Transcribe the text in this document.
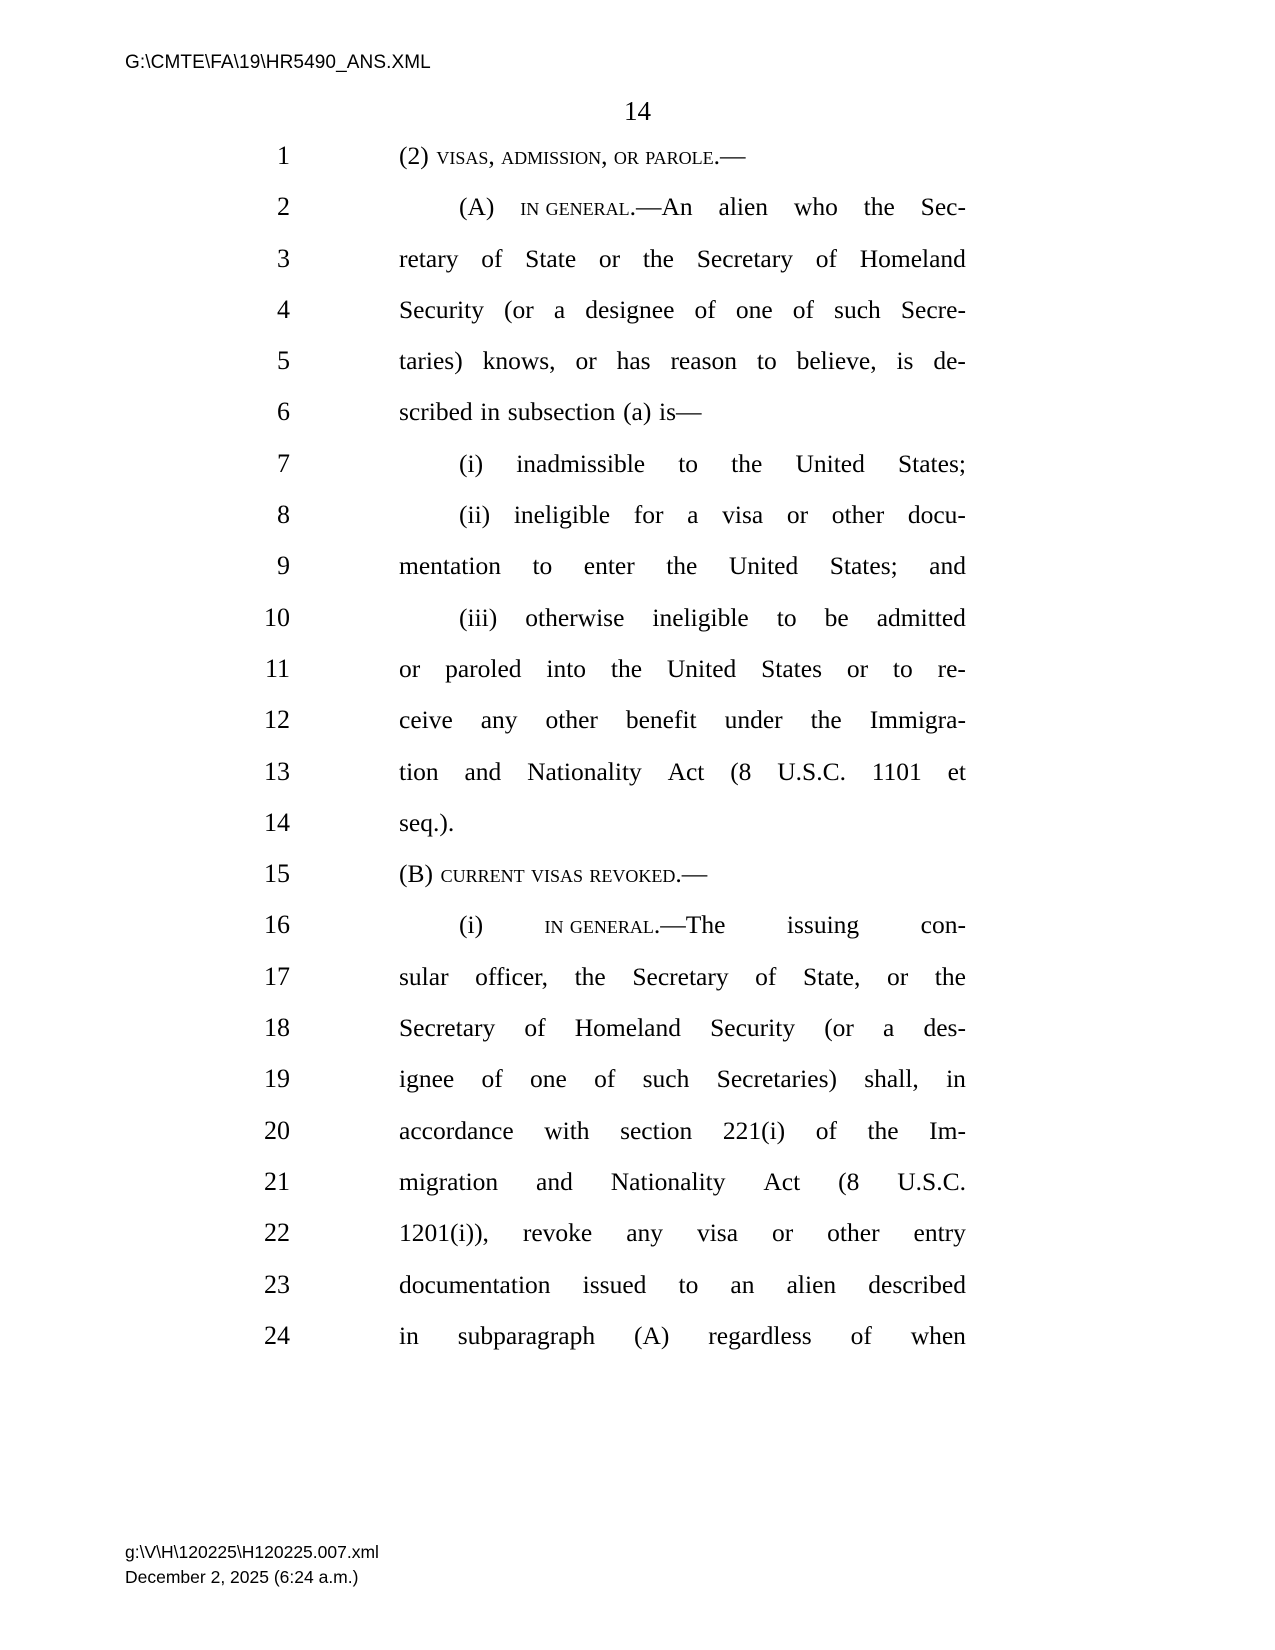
G:\CMTE\FA\19\HR5490_ANS.XML
14
1	(2) visas, admission, or parole.—
2	(A) in general.—An alien who the Sec-
3	retary of State or the Secretary of Homeland
4	Security (or a designee of one of such Secre-
5	taries) knows, or has reason to believe, is de-
6	scribed in subsection (a) is—
7	(i) inadmissible to the United States;
8	(ii) ineligible for a visa or other docu-
9	mentation to enter the United States; and
10	(iii) otherwise ineligible to be admitted
11	or paroled into the United States or to re-
12	ceive any other benefit under the Immigra-
13	tion and Nationality Act (8 U.S.C. 1101 et
14	seq.).
15	(B) current visas revoked.—
16	(i) in general.—The issuing con-
17	sular officer, the Secretary of State, or the
18	Secretary of Homeland Security (or a des-
19	ignee of one of such Secretaries) shall, in
20	accordance with section 221(i) of the Im-
21	migration and Nationality Act (8 U.S.C.
22	1201(i)), revoke any visa or other entry
23	documentation issued to an alien described
24	in subparagraph (A) regardless of when
g:\V\H\120225\H120225.007.xml
December 2, 2025 (6:24 a.m.)
